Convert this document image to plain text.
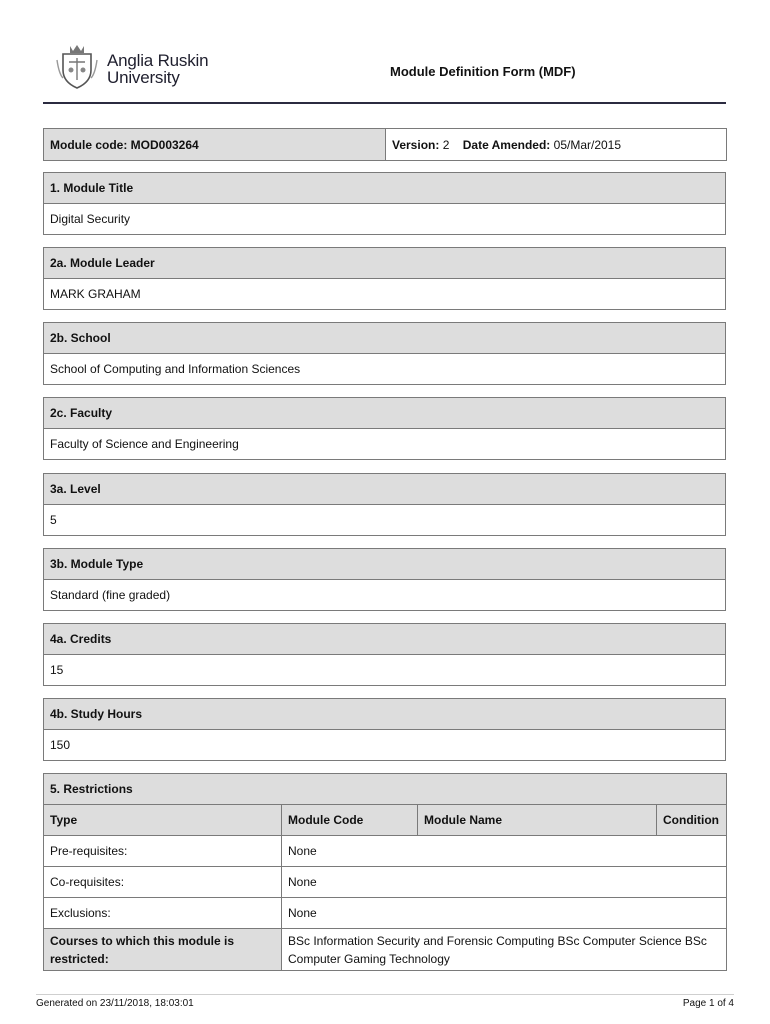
Anglia Ruskin
University	Module Definition Form (MDF)
Module code: MOD003264	Version: 2 Date Amended: 05/Mar/2015
1. Module Title
Digital Security
2a. Module Leader
MARK GRAHAM
2b. School
School of Computing and Information Sciences
2c. Faculty
Faculty of Science and Engineering
3a. Level
5
3b. Module Type
Standard (fine graded)
4a. Credits
15
4b. Study Hours
150
5. Restrictions			
Type	Module Code	Module Name	Condition
Pre-requisites:	None		
Co-requisites:	None		
Exclusions:	None		
Courses to which this module is restricted:	BSc Information Security and Forensic Computing BSc Computer Science BSc Computer Gaming Technology		
Generated on 23/11/2018, 18:03:01	Page 1 of 4
